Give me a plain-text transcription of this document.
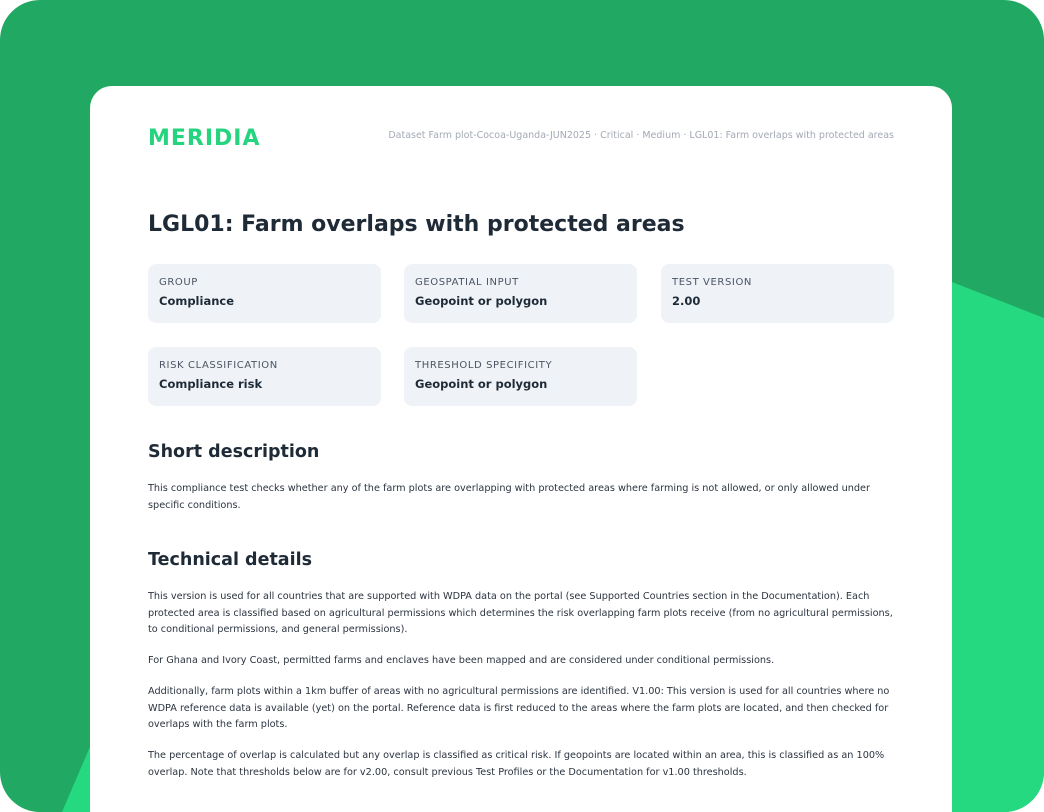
MERIDIA	Dataset Farm plot-Cocoa-Uganda-JUN2025 · Critical · Medium · LGL01: Farm overlaps with protected areas
LGL01: Farm overlaps with protected areas
GROUP
Compliance
GEOSPATIAL INPUT
Geopoint or polygon
TEST VERSION
2.00
RISK CLASSIFICATION
Compliance risk
THRESHOLD SPECIFICITY
Geopoint or polygon
Short description
This compliance test checks whether any of the farm plots are overlapping with protected areas where farming is not allowed, or only allowed under specific conditions.
Technical details
This version is used for all countries that are supported with WDPA data on the portal (see Supported Countries section in the Documentation). Each protected area is classified based on agricultural permissions which determines the risk overlapping farm plots receive (from no agricultural permissions, to conditional permissions, and general permissions).
For Ghana and Ivory Coast, permitted farms and enclaves have been mapped and are considered under conditional permissions.
Additionally, farm plots within a 1km buffer of areas with no agricultural permissions are identified. V1.00: This version is used for all countries where no WDPA reference data is available (yet) on the portal. Reference data is first reduced to the areas where the farm plots are located, and then checked for overlaps with the farm plots.
The percentage of overlap is calculated but any overlap is classified as critical risk. If geopoints are located within an area, this is classified as an 100% overlap. Note that thresholds below are for v2.00, consult previous Test Profiles or the Documentation for v1.00 thresholds.
